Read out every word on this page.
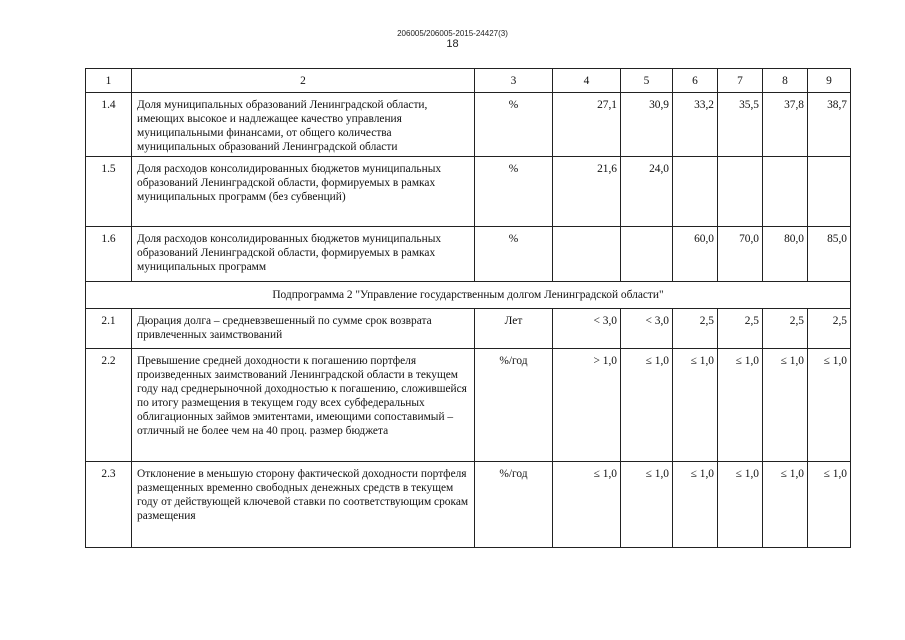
206005/206005-2015-24427(3)
18
1	2	3	4	5	6	7	8	9
1.4	Доля муниципальных образований Ленинградской области, имеющих высокое и надлежащее качество управления муниципальными финансами, от общего количества муниципальных образований Ленинградской области	%	27,1	30,9	33,2	35,5	37,8	38,7
1.5	Доля расходов консолидированных бюджетов муниципальных образований Ленинградской области, формируемых в рамках муниципальных программ (без субвенций)	%	21,6	24,0				
1.6	Доля расходов консолидированных бюджетов муниципальных образований Ленинградской области, формируемых в рамках муниципальных программ	%			60,0	70,0	80,0	85,0
Подпрограмма 2 "Управление государственным долгом Ленинградской области"								
2.1	Дюрация долга – средневзвешенный по сумме срок возврата привлеченных заимствований	Лет	< 3,0	< 3,0	2,5	2,5	2,5	2,5
2.2	Превышение средней доходности к погашению портфеля произведенных заимствований Ленинградской области в текущем году над среднерыночной доходностью к погашению, сложившейся по итогу размещения в текущем году всех субфедеральных облигационных займов эмитентами, имеющими сопоставимый – отличный не более чем на 40 проц. размер бюджета	%/год	> 1,0	≤ 1,0	≤ 1,0	≤ 1,0	≤ 1,0	≤ 1,0
2.3	Отклонение в меньшую сторону фактической доходности портфеля размещенных временно свободных денежных средств в текущем году от действующей ключевой ставки по соответствующим срокам размещения	%/год	≤ 1,0	≤ 1,0	≤ 1,0	≤ 1,0	≤ 1,0	≤ 1,0
